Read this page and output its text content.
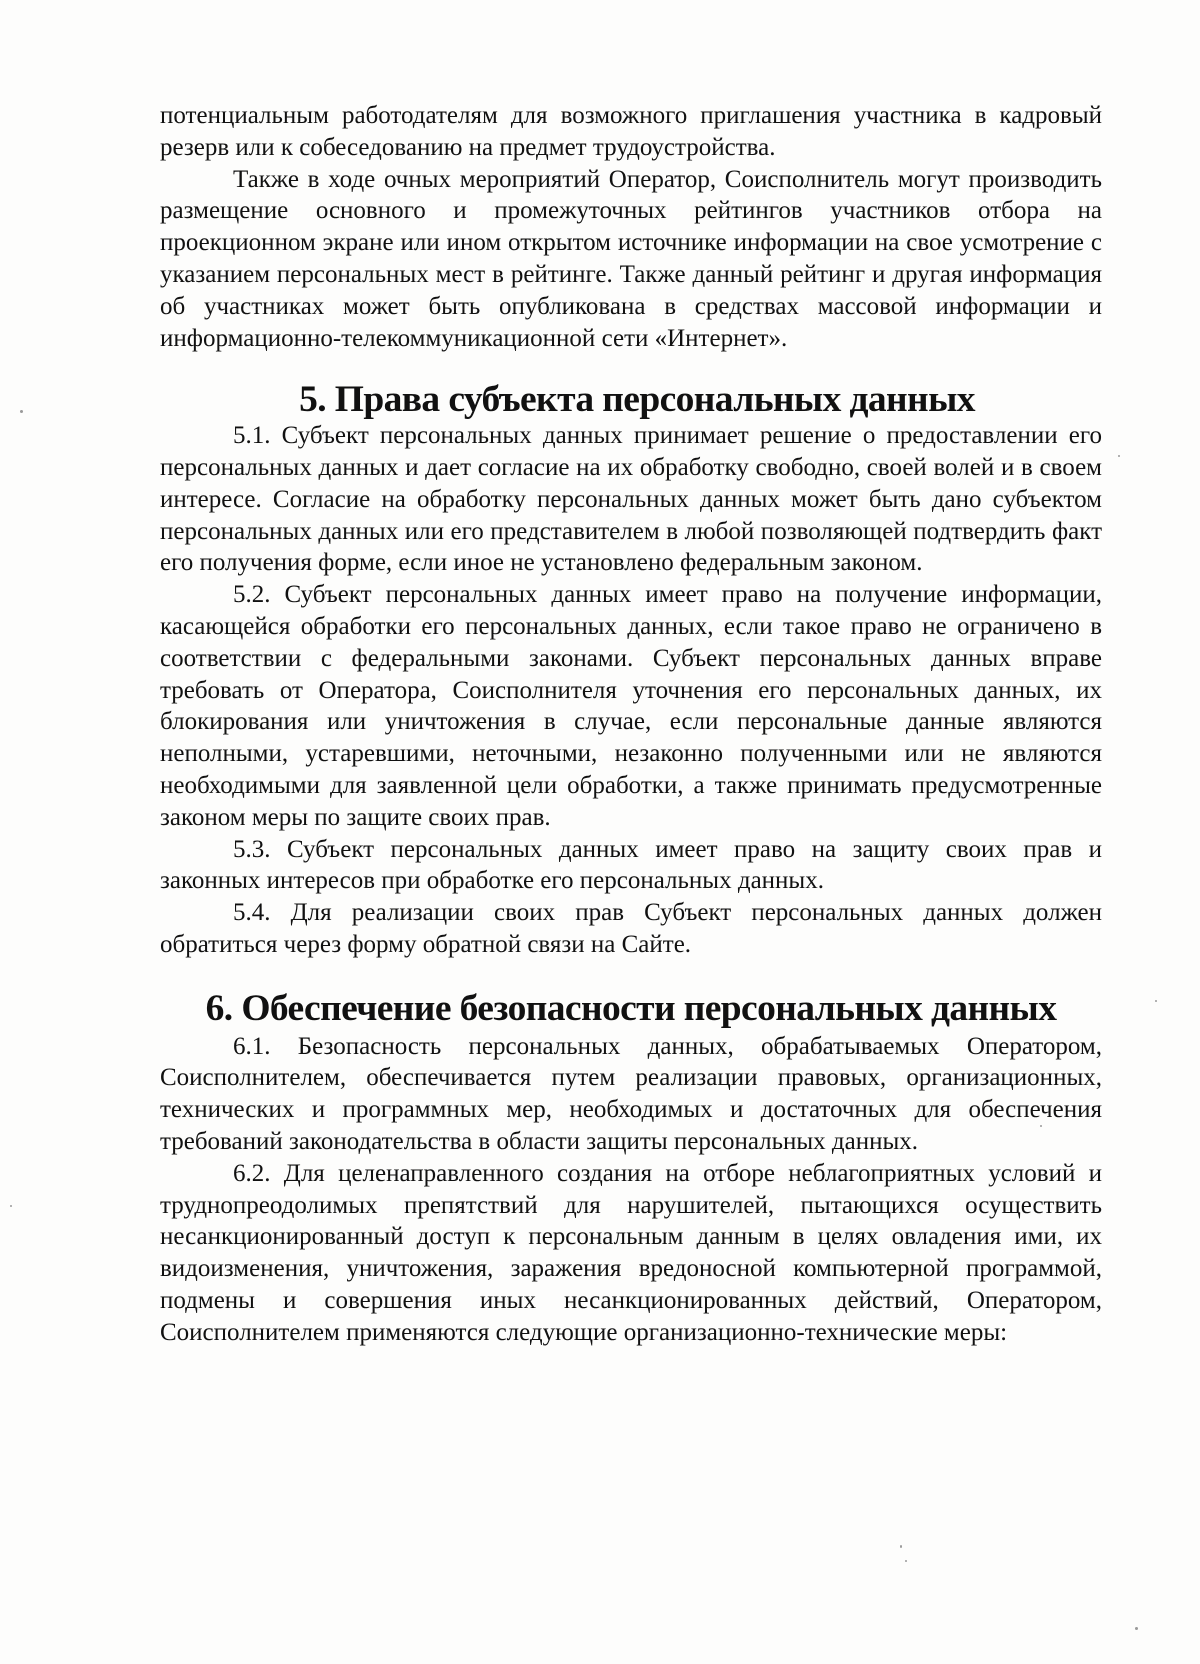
потенциальным работодателям для возможного приглашения участника в кадровый резерв или к собеседованию на предмет трудоустройства.

Также в ходе очных мероприятий Оператор, Соисполнитель могут производить размещение основного и промежуточных рейтингов участников отбора на проекционном экране или ином открытом источнике информации на свое усмотрение с указанием персональных мест в рейтинге. Также данный рейтинг и другая информация об участниках может быть опубликована в средствах массовой информации и информационно-телекоммуникационной сети «Интернет».

5. Права субъекта персональных данных

5.1. Субъект персональных данных принимает решение о предоставлении его персональных данных и дает согласие на их обработку свободно, своей волей и в своем интересе. Согласие на обработку персональных данных может быть дано субъектом персональных данных или его представителем в любой позволяющей подтвердить факт его получения форме, если иное не установлено федеральным законом.

5.2. Субъект персональных данных имеет право на получение информации, касающейся обработки его персональных данных, если такое право не ограничено в соответствии с федеральными законами. Субъект персональных данных вправе требовать от Оператора, Соисполнителя уточнения его персональных данных, их блокирования или уничтожения в случае, если персональные данные являются неполными, устаревшими, неточными, незаконно полученными или не являются необходимыми для заявленной цели обработки, а также принимать предусмотренные законом меры по защите своих прав.

5.3. Субъект персональных данных имеет право на защиту своих прав и законных интересов при обработке его персональных данных.

5.4. Для реализации своих прав Субъект персональных данных должен обратиться через форму обратной связи на Сайте.

6. Обеспечение безопасности персональных данных

6.1. Безопасность персональных данных, обрабатываемых Оператором, Соисполнителем, обеспечивается путем реализации правовых, организационных, технических и программных мер, необходимых и достаточных для обеспечения требований законодательства в области защиты персональных данных.

6.2. Для целенаправленного создания на отборе неблагоприятных условий и труднопреодолимых препятствий для нарушителей, пытающихся осуществить несанкционированный доступ к персональным данным в целях овладения ими, их видоизменения, уничтожения, заражения вредоносной компьютерной программой, подмены и совершения иных несанкционированных действий, Оператором, Соисполнителем применяются следующие организационно-технические меры:
